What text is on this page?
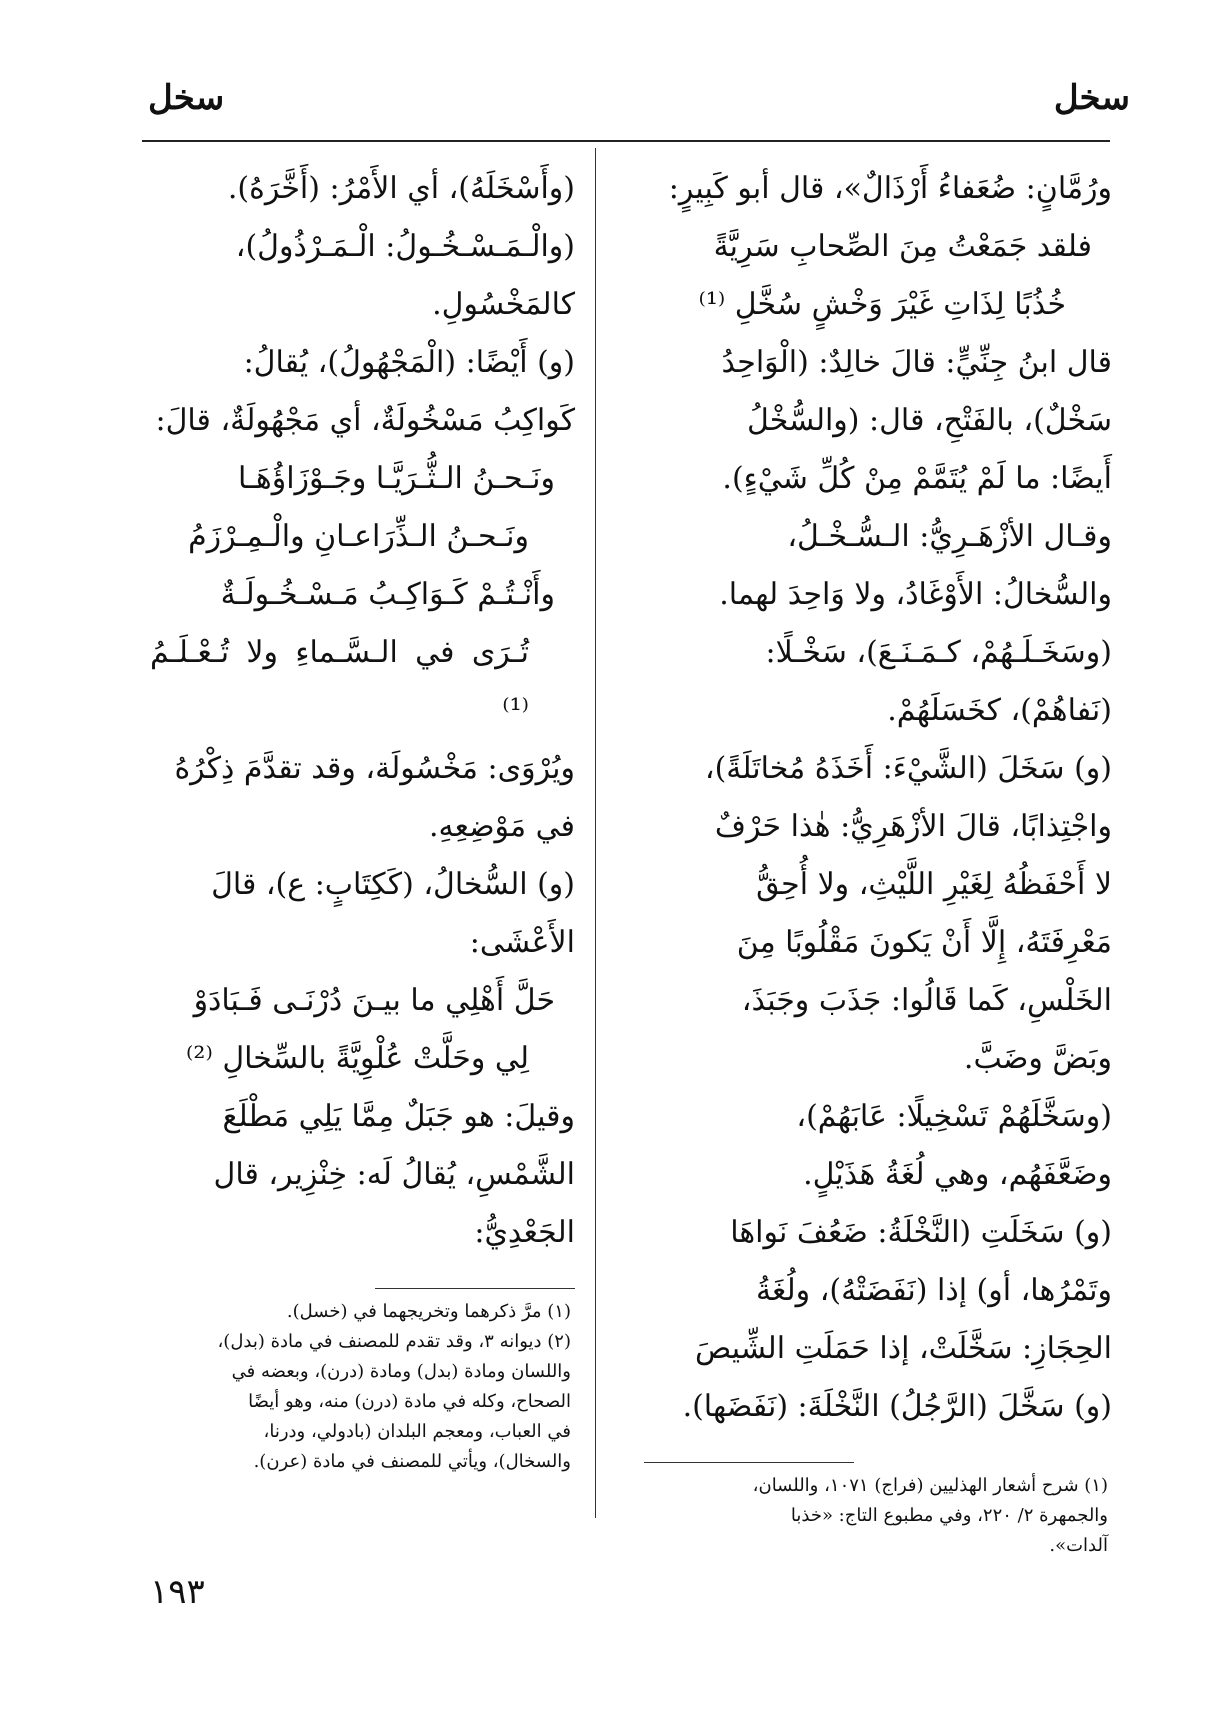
سخل
سخل

ورُمَّانٍ: ضُعَفاءُ أَرْذَالٌ»، قال أبو كَبِيرٍ:

فلقد جَمَعْتُ مِنَ الصِّحابِ سَرِيَّةً

خُذُبًا لِذَاتِ غَيْرَ وَخْشٍ سُخَّلِ ⁽¹⁾

قال ابنُ جِنِّيٍّ: قالَ خالِدٌ: (الْوَاحِدُ

سَخْلٌ)، بالفَتْحِ، قال: (والسُّخْلُ

أَيضًا: ما لَمْ يُتَمَّمْ مِنْ كُلِّ شَيْءٍ).

وقـال الأزْهَـرِيُّ: الـسُّـخْـلُ،

والسُّخالُ: الأَوْغَادُ، ولا وَاحِدَ لهما.

(وسَخَـلَـهُمْ، كـمَـنَـعَ)، سَخْـلًا:

(نَفاهُمْ)، كخَسَلَهُمْ.

(و) سَخَلَ (الشَّيْءَ: أَخَذَهُ مُخاتَلَةً)،

واجْتِذابًا، قالَ الأزْهَرِيُّ: هٰذا حَرْفٌ

لا أَحْفَظُهُ لِغَيْرِ اللَّيْثِ، ولا أُحِقُّ

مَعْرِفَتَهُ، إِلَّا أَنْ يَكونَ مَقْلُوبًا مِنَ

الخَلْسِ، كَما قَالُوا: جَذَبَ وجَبَذَ،

وبَضَّ وضَبَّ.

(وسَخَّلَهُمْ تَسْخِيلًا: عَابَهُمْ)،

وضَعَّفَهُم، وهي لُغَةُ هَذَيْلٍ.

(و) سَخَلَتِ (النَّخْلَةُ: ضَعُفَ نَواهَا

وتَمْرُها، أو) إذا (نَفَضَتْهُ)، ولُغَةُ

الحِجَازِ: سَخَّلَتْ، إذا حَمَلَتِ الشِّيصَ

(و) سَخَّلَ (الرَّجُلُ) النَّخْلَةَ: (نَفَضَها).

(١) شرح أشعار الهذليين (فراج) ١٠٧١، واللسان،

والجمهرة ٢/ ٢٢٠، وفي مطبوع التاج: «خذبا

آلدات».

(وأَسْخَلَهُ)، أي الأَمْرُ: (أَخَّرَهُ).

(والْـمَـسْـخُـولُ: الْـمَـرْذُولُ)،

كالمَخْسُولِ.

(و) أَيْضًا: (الْمَجْهُولُ)، يُقالُ:

كَواكِبُ مَسْخُولَةٌ، أي مَجْهُولَةٌ، قالَ:

ونَـحـنُ الـثُّـرَيَّـا وجَـوْزَاؤُهَـا

ونَـحـنُ الـذِّرَاعـانِ والْـمِـرْزَمُ

وأَنْـتُـمْ كَـوَاكِـبُ مَـسْـخُـولَـةٌ

تُـرَى في الـسَّـماءِ ولا تُـعْـلَـمُ ⁽¹⁾

ويُرْوَى: مَخْسُولَة، وقد تقدَّمَ ذِكْرُهُ

في مَوْضِعِهِ.

(و) السُّخالُ، (كَكِتَابٍ: ع)، قالَ

الأَعْشَى:

حَلَّ أَهْلِي ما بيـنَ دُرْنَـى فَـبَادَوْ

لِي وحَلَّتْ عُلْوِيَّةً بالسِّخالِ ⁽²⁾

وقيلَ: هو جَبَلٌ مِمَّا يَلِي مَطْلَعَ

الشَّمْسِ، يُقالُ لَه: خِنْزِير، قال

الجَعْدِيُّ:

(١) مرَّ ذكرهما وتخريجهما في (خسل).

(٢) ديوانه ٣، وقد تقدم للمصنف في مادة (بدل)،

واللسان ومادة (بدل) ومادة (درن)، وبعضه في

الصحاح، وكله في مادة (درن) منه، وهو أيضًا

في العباب، ومعجم البلدان (بادولي، ودرنا،

والسخال)، ويأتي للمصنف في مادة (عرن).

١٩٣
